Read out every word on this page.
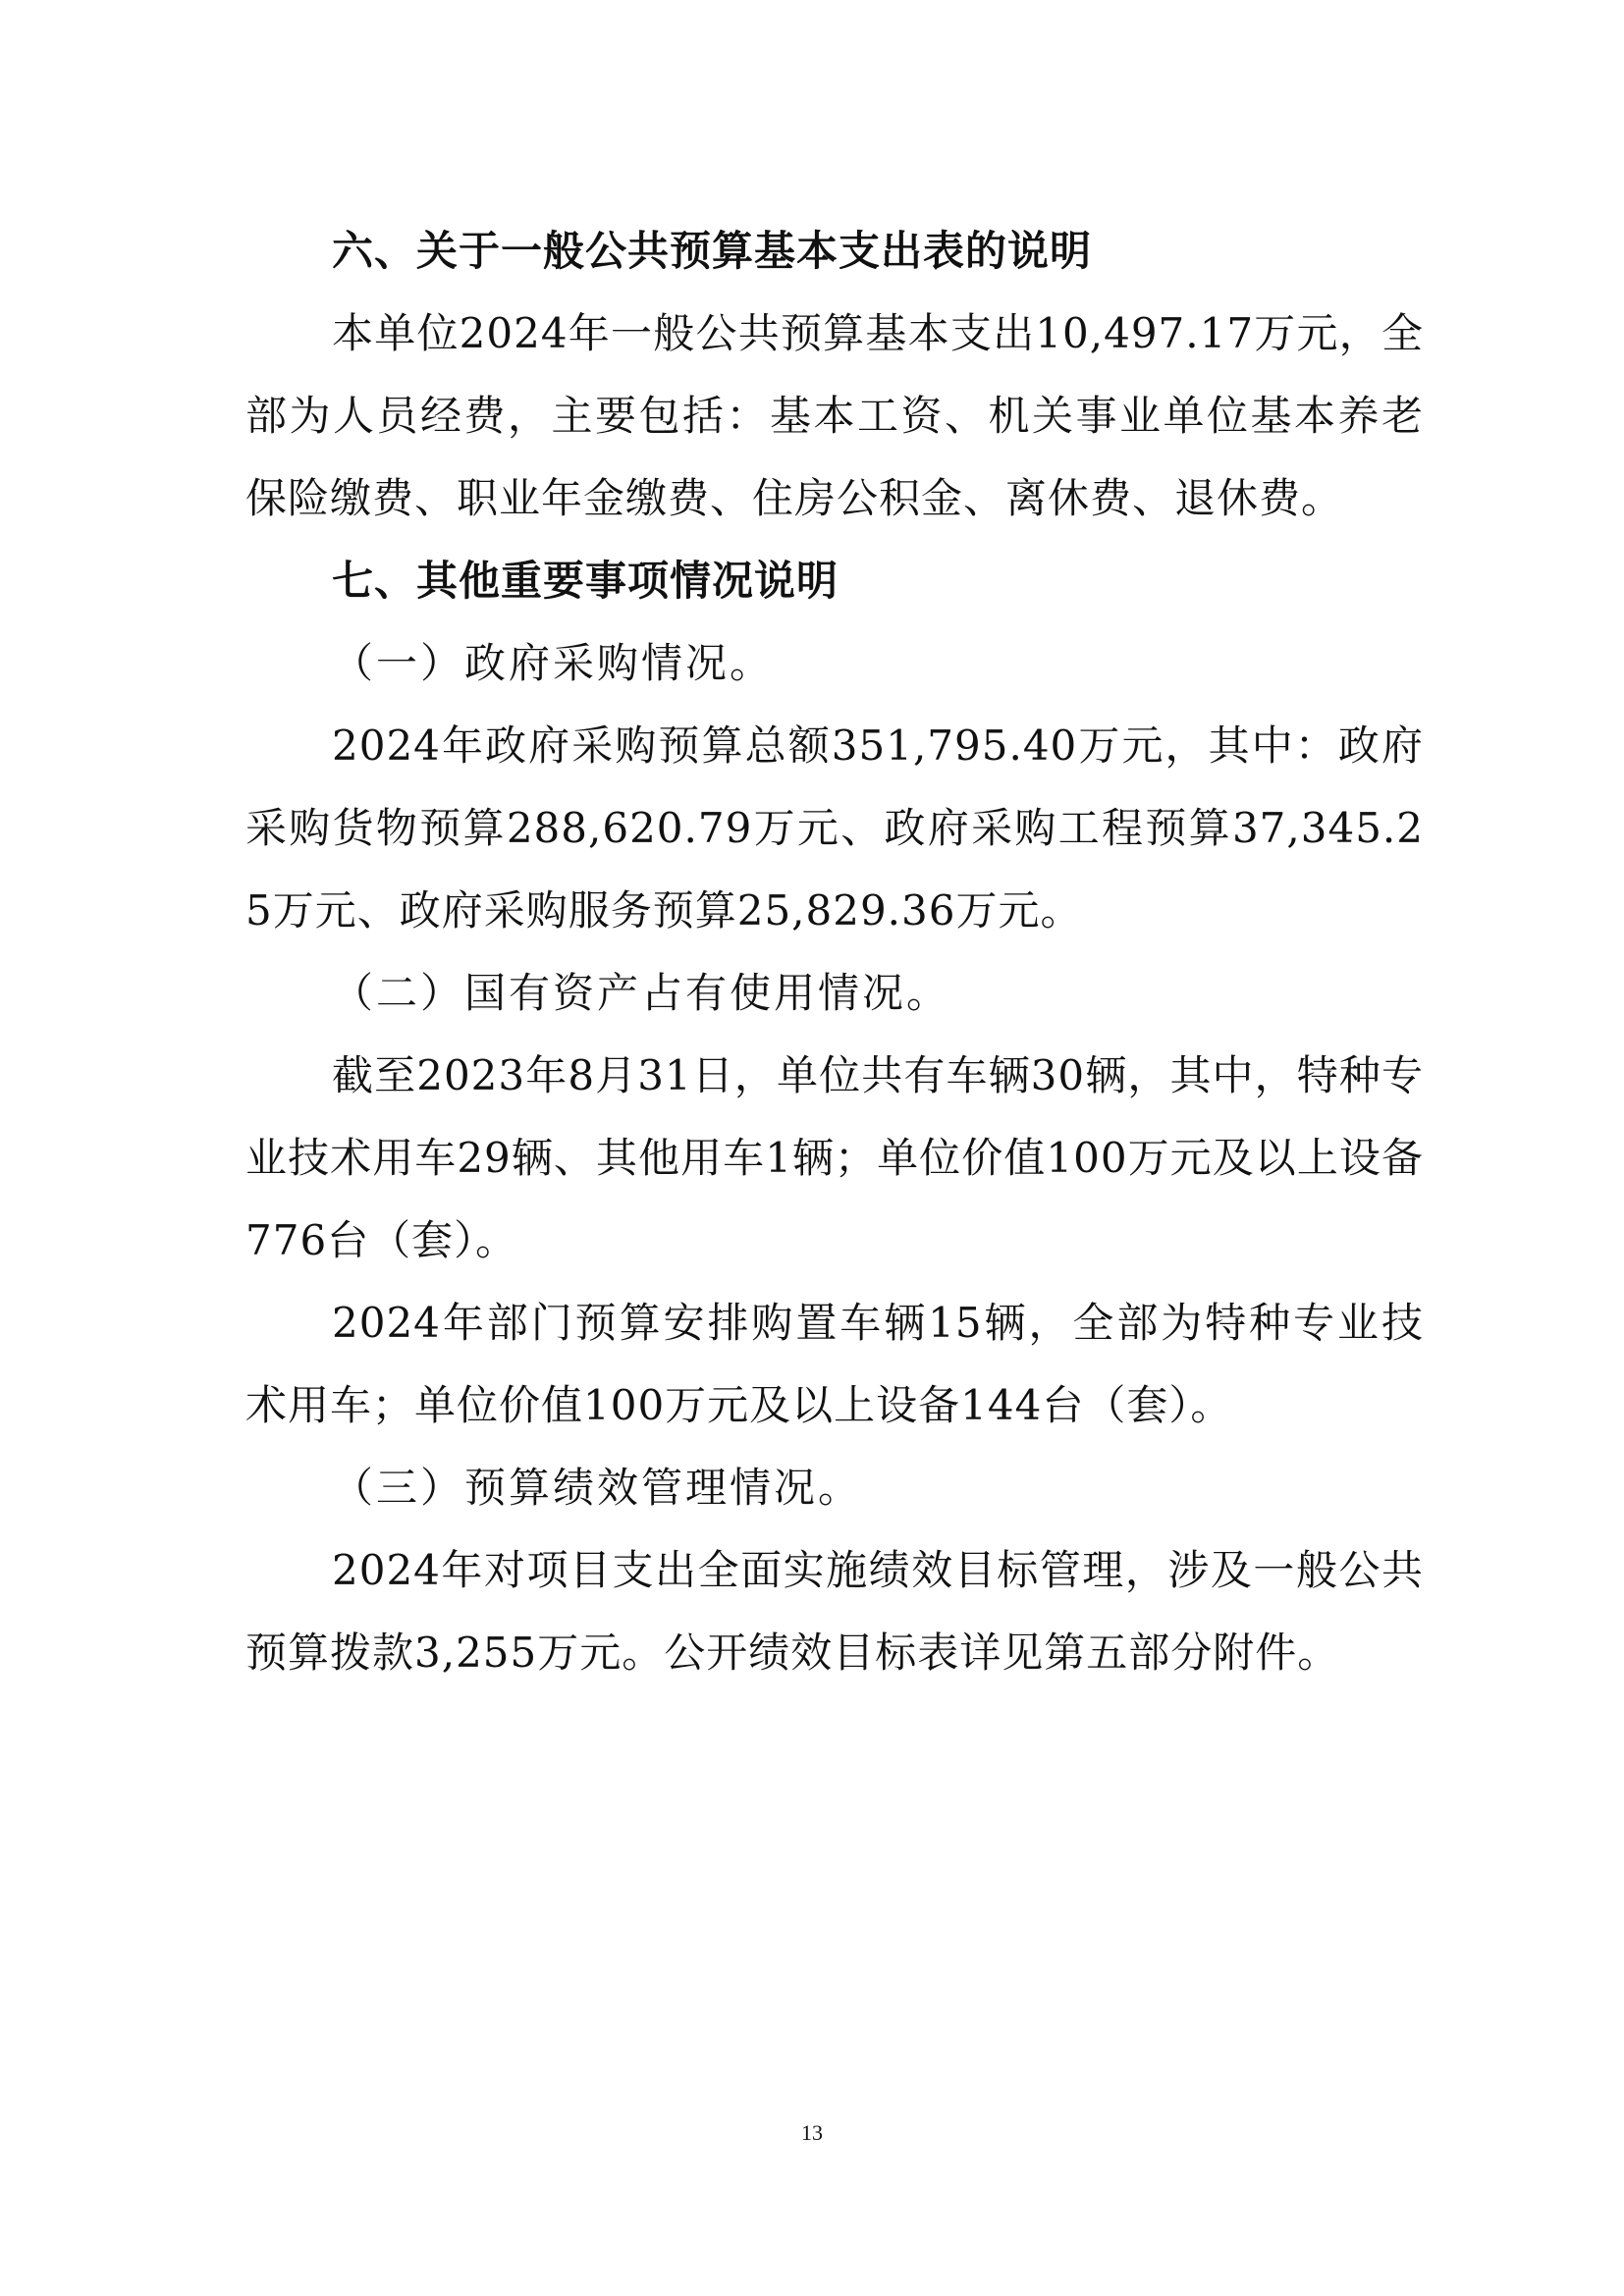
六、关于一般公共预算基本支出表的说明

本单位2024年一般公共预算基本支出10,497.17万元，全部为人员经费，主要包括：基本工资、机关事业单位基本养老保险缴费、职业年金缴费、住房公积金、离休费、退休费。

七、其他重要事项情况说明

（一）政府采购情况。

2024年政府采购预算总额351,795.40万元，其中：政府采购货物预算288,620.79万元、政府采购工程预算37,345.25万元、政府采购服务预算25,829.36万元。

（二）国有资产占有使用情况。

截至2023年8月31日，单位共有车辆30辆，其中，特种专业技术用车29辆、其他用车1辆；单位价值100万元及以上设备776台（套）。

2024年部门预算安排购置车辆15辆，全部为特种专业技术用车；单位价值100万元及以上设备144台（套）。

（三）预算绩效管理情况。

2024年对项目支出全面实施绩效目标管理，涉及一般公共预算拨款3,255万元。公开绩效目标表详见第五部分附件。

13
